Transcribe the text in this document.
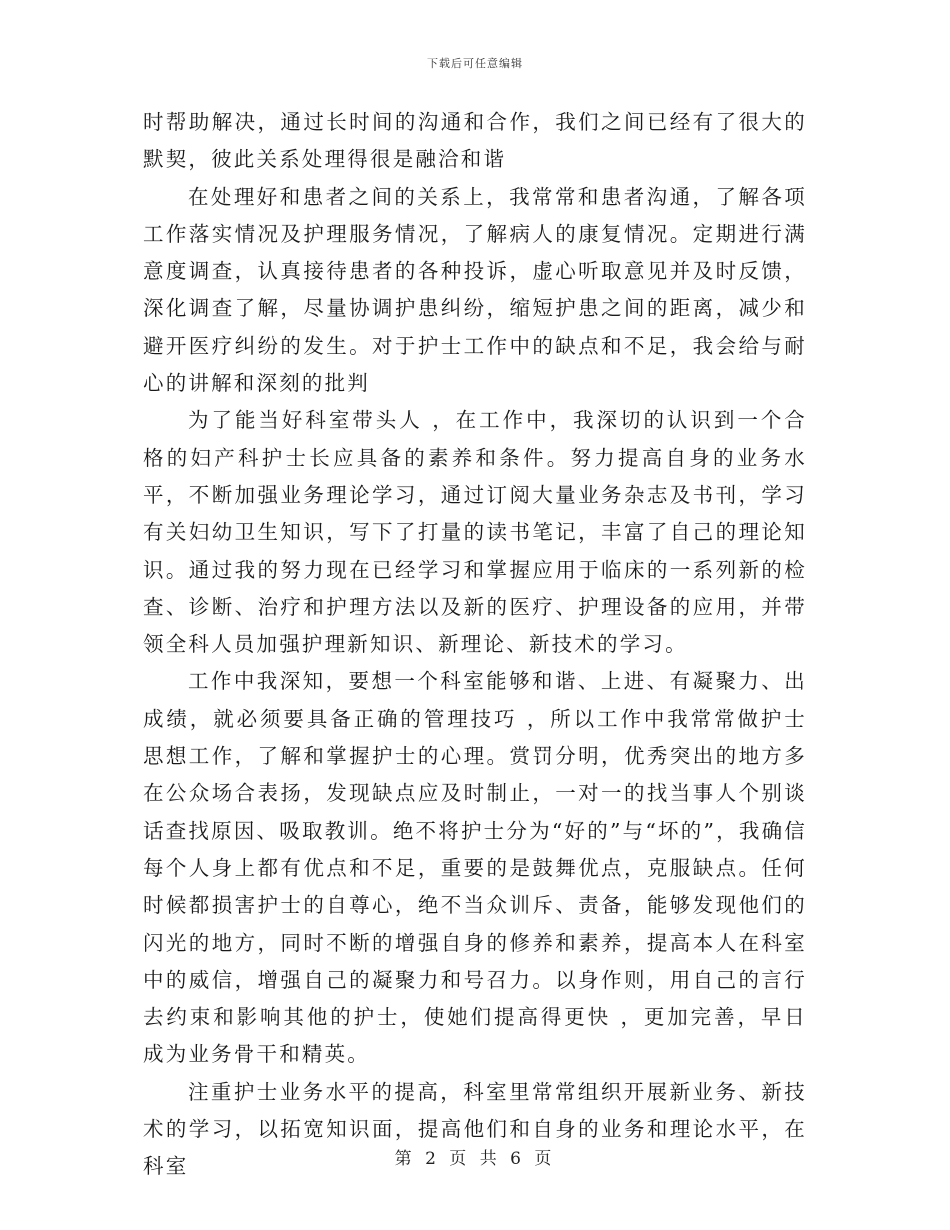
下载后可任意编辑

时帮助解决，通过长时间的沟通和合作，我们之间已经有了很大的默契，彼此关系处理得很是融洽和谐

在处理好和患者之间的关系上，我常常和患者沟通，了解各项工作落实情况及护理服务情况，了解病人的康复情况。定期进行满意度调查，认真接待患者的各种投诉，虚心听取意见并及时反馈，深化调查了解，尽量协调护患纠纷，缩短护患之间的距离，减少和避开医疗纠纷的发生。对于护士工作中的缺点和不足，我会给与耐心的讲解和深刻的批判

为了能当好科室带头人 ，在工作中，我深切的认识到一个合格的妇产科护士长应具备的素养和条件。努力提高自身的业务水平，不断加强业务理论学习，通过订阅大量业务杂志及书刊，学习有关妇幼卫生知识，写下了打量的读书笔记，丰富了自己的理论知识。通过我的努力现在已经学习和掌握应用于临床的一系列新的检查、诊断、治疗和护理方法以及新的医疗、护理设备的应用，并带领全科人员加强护理新知识、新理论、新技术的学习。

工作中我深知，要想一个科室能够和谐、上进、有凝聚力、出成绩，就必须要具备正确的管理技巧 ，所以工作中我常常做护士思想工作，了解和掌握护士的心理。赏罚分明，优秀突出的地方多在公众场合表扬，发现缺点应及时制止，一对一的找当事人个别谈话查找原因、吸取教训。绝不将护士分为“好的”与“坏的”，我确信每个人身上都有优点和不足，重要的是鼓舞优点，克服缺点。任何时候都损害护士的自尊心，绝不当众训斥、责备，能够发现他们的闪光的地方，同时不断的增强自身的修养和素养，提高本人在科室中的威信，增强自己的凝聚力和号召力。以身作则，用自己的言行去约束和影响其他的护士，使她们提高得更快 ，更加完善，早日成为业务骨干和精英。

注重护士业务水平的提高，科室里常常组织开展新业务、新技术的学习，以拓宽知识面，提高他们和自身的业务和理论水平，在科室	第 2 页 共 6 页
